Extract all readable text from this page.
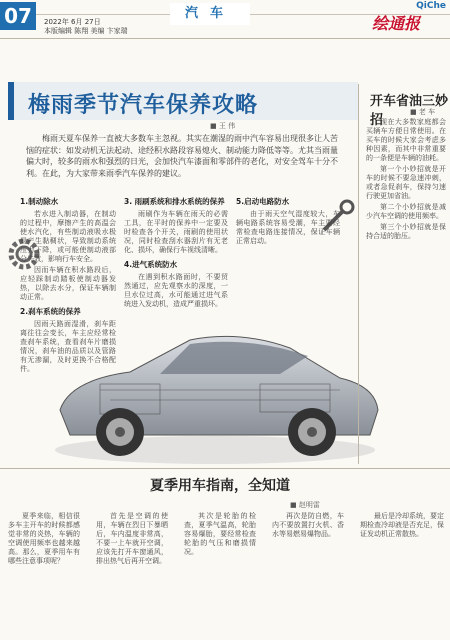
07	汽车	QiChe
绘通报
2022年 6月 27日
本版编辑 陈翔 美编 卞家瑞
梅雨季节汽车保养攻略
■ 王 伟

梅雨天夏车保养一直被大多数车主忽视。其实在潮湿的雨中汽车容易出现很多让人苦恼的症状：如发动机无法起动、途经积水路段容易熄火、制动能力降低等等。尤其当雨量偏大时，较多的雨水和强烈的日光，会加快汽车漆面和零部件的老化，对安全驾车十分不利。在此，为大家带来雨季汽车保养的建议。

1.制动除水

若水进入制动器，在制动的过程中，摩擦产生的高温会使水汽化，有些制动液吸水极易产生黏稠状，导致制动系统压力下降，或可能使制动液部分失效，影响行车安全。

因而车辆在积水路段后，应轻踩制动踏板使制动器发热，以除去水分，保证车辆制动正常。

2.刹车系统的保养

因雨天路面湿滑，刹车距离往往会变长，车主应经常检查刹车系统，查看刹车片磨损情况，刹车油的品质以及管路有无渗漏，及时更换不合格配件。

3. 雨刷系统和排水系统的保养

雨刷作为车辆在雨天的必需工具，在平时的保养中一定要及时检查各个开关，雨刷的使用状况，同时检查刮水器刮片有无老化、损坏，确保行车视线清晰。

4.进气系统防水

在遇到积水路面时，不要贸然通过，应先观察水的深度，一旦水位过高，水可能通过进气系统进入发动机，造成严重损坏。

5.启动电路防水

由于雨天空气湿度较大，车辆电路系统容易受潮，车主要经常检查电路连接情况，保证车辆正常启动。

开车省油三妙招
■ 老 车

现在大多数家庭都会买辆车方便日常使用。在买车的时候大家会考虑多种因素，而其中非常重要的一条便是车辆的油耗。

第一个小妙招就是开车的时候不要急速冲刺，或者急促刹车，保持匀速行驶更加省油。

第二个小妙招就是减少汽车空调的使用频率。

第三个小妙招就是保持合适的胎压。

夏季用车指南，全知道
■ 赵明雷

夏季来临，相信很多车主开车的时候都感觉非常的炎热，车辆的空调使用频率也越来越高。那么，夏季用车有哪些注意事项呢？

首先是空调的使用，车辆在烈日下暴晒后，车内温度非常高，不要一上车就开空调，应该先打开车窗通风，排出热气后再开空调。

其次是轮胎的检查，夏季气温高，轮胎容易爆胎，要经常检查轮胎的气压和磨损情况。

再次是防自燃，车内不要放置打火机、香水等易燃易爆物品。

最后是冷却系统，要定期检查冷却液是否充足，保证发动机正常散热。
